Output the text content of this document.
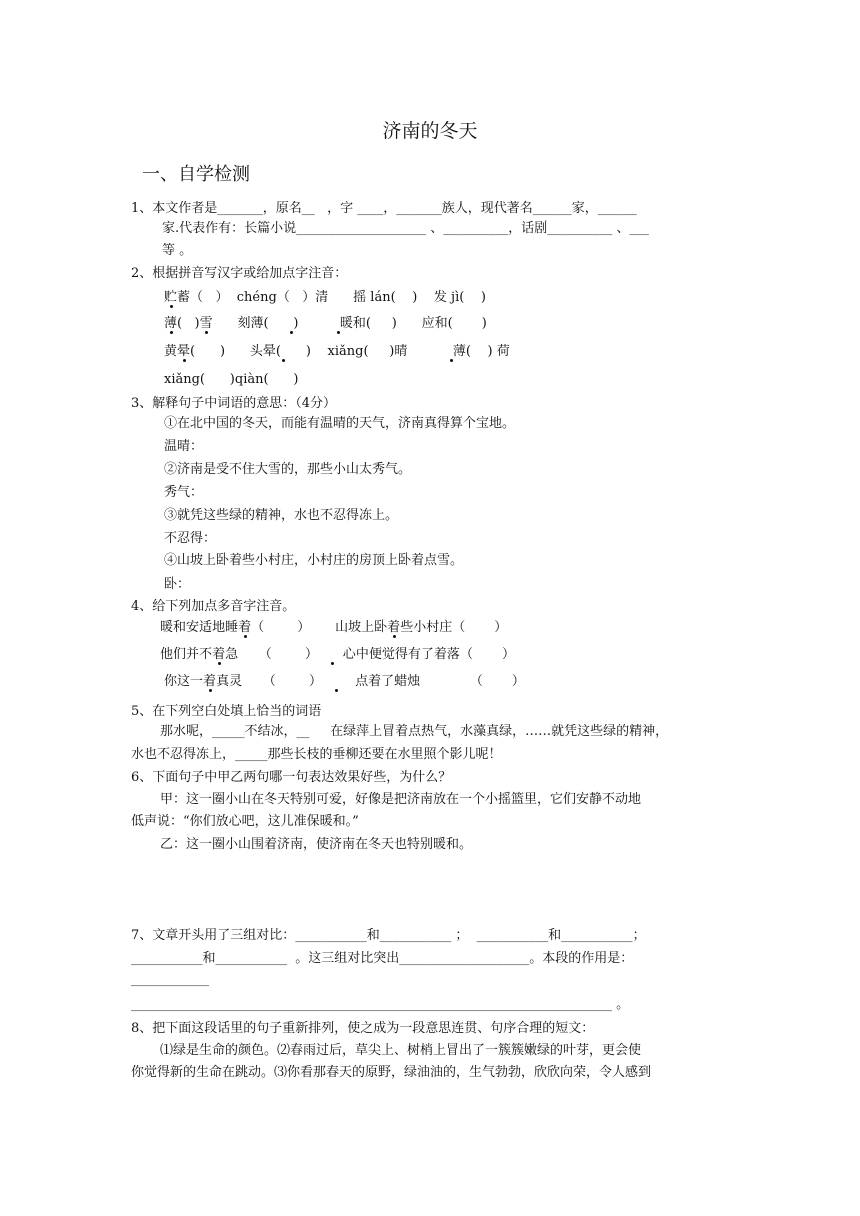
济南的冬天
一、自学检测
1、本文作者是_______，原名__   ，字 ____，_______族人，现代著名______家，______
家.代表作有：长篇小说____________________ 、__________，话剧__________ 、___
等 。
2、根据拼音写汉字或给加点字注音：
贮蓄（ ） chéng（ ）清 摇 lán( ) 发 jì( )
薄( )雪 刻薄( )	暖和( ) 应和( )
黄晕( ) 头晕( ) xiǎng( )晴	薄( ) 荷
xiǎng(      )qiàn(      )
3、解释句子中词语的意思：（4分）
①在北中国的冬天，而能有温晴的天气，济南真得算个宝地。
温晴：
②济南是受不住大雪的，那些小山太秀气。
秀气：
③就凭这些绿的精神，水也不忍得冻上。
不忍得：
④山坡上卧着些小村庄，小村庄的房顶上卧着点雪。
卧：
4、给下列加点多音字注音。
暖和安适地睡着（	） 山坡上卧着些小村庄（ ）
他们并不着急 （	） 心中便觉得有了着落（ ）
你这一着真灵 （	）	点着了蜡烛	（ ）
5、在下列空白处填上恰当的词语
那水呢，_____不结冰，__     在绿萍上冒着点热气，水藻真绿，……就凭这些绿的精神，
水也不忍得冻上，_____那些长枝的垂柳还要在水里照个影儿呢！
6、下面句子中甲乙两句哪一句表达效果好些，为什么？
甲：这一圈小山在冬天特别可爱，好像是把济南放在一个小摇篮里，它们安静不动地
低声说：“你们放心吧，这儿准保暖和。”
乙：这一圈小山围着济南，使济南在冬天也特别暖和。
7、文章开头用了三组对比：___________和___________ ；  ___________和___________；
___________和___________  。这三组对比突出____________________。本段的作用是：
____________
__________________________________________________________________________ 。
8、把下面这段话里的句子重新排列，使之成为一段意思连贯、句序合理的短文：
⑴绿是生命的颜色。⑵春雨过后，草尖上、树梢上冒出了一簇簇嫩绿的叶芽，更会使
你觉得新的生命在跳动。⑶你看那春天的原野，绿油油的，生气勃勃，欣欣向荣，令人感到
